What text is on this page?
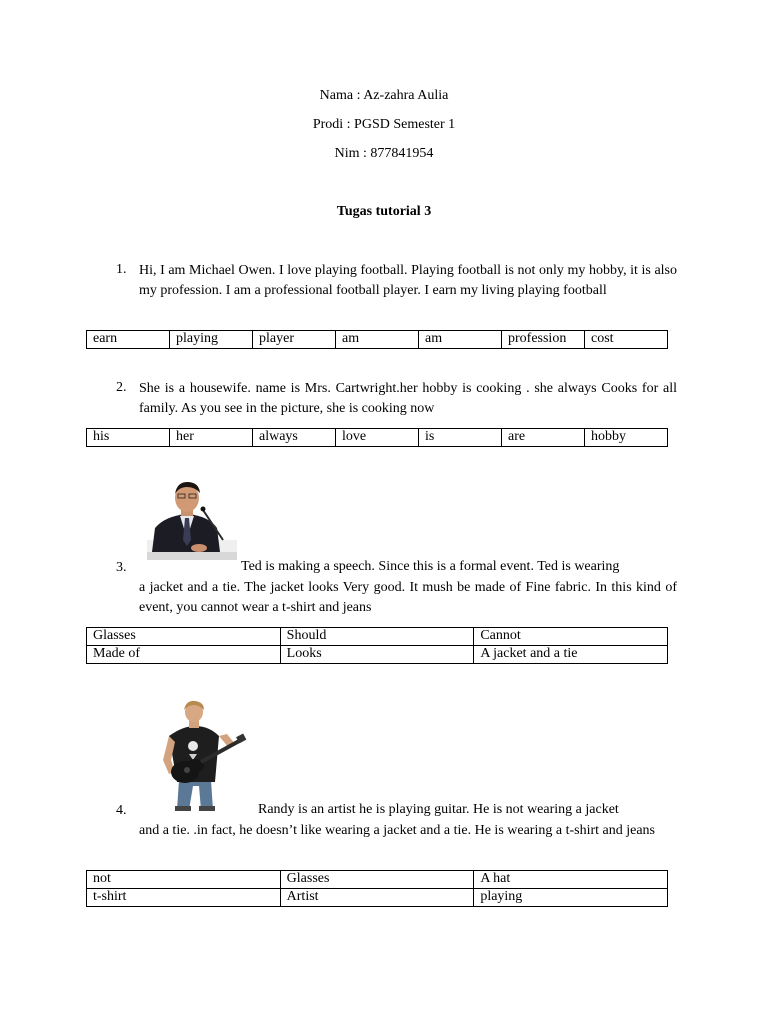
Nama : Az-zahra Aulia
Prodi : PGSD Semester 1
Nim : 877841954
Tugas tutorial 3
1. Hi, I am Michael Owen. I love playing football. Playing football is not only my hobby, it is also my profession. I am a professional football player. I earn my living playing football
earn	playing	player	am	am	profession	cost
2. She is a housewife. name is Mrs. Cartwright.her hobby is cooking . she always Cooks for all family. As you see in the picture, she is cooking now
his	her	always	love	is	are	hobby
3.	Ted is making a speech. Since this is a formal event. Ted is wearing
a jacket and a tie. The jacket looks Very good. It mush be made of Fine fabric. In this kind of event, you cannot wear a t-shirt and jeans
Glasses	Should	Cannot
Made of	Looks	A jacket and a tie
4.	Randy is an artist he is playing guitar. He is not wearing a jacket
and a tie. .in fact, he doesn’t like wearing a jacket and a tie. He is wearing a t-shirt and jeans
not	Glasses	A hat
t-shirt	Artist	playing
